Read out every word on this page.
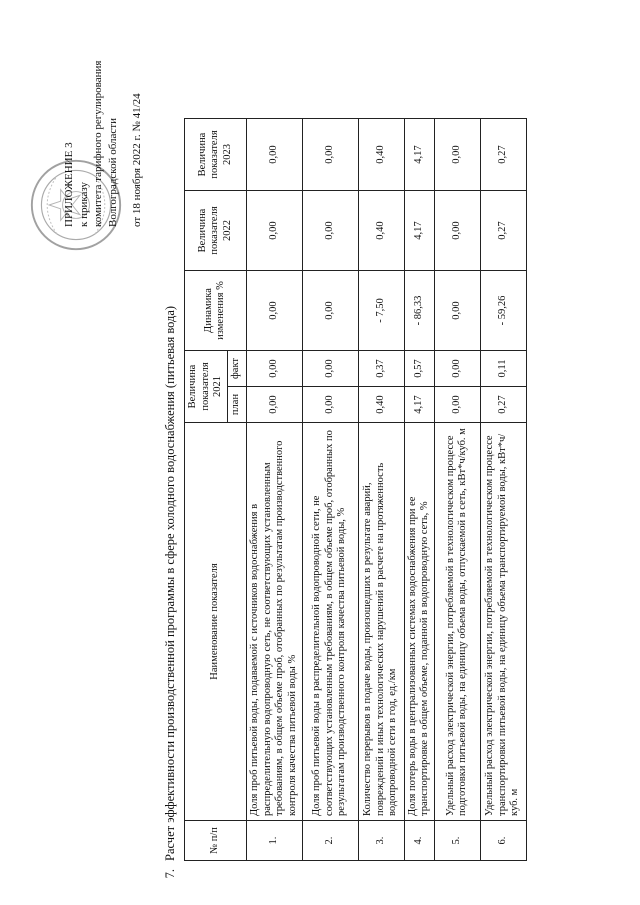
ПРИЛОЖЕНИЕ 3 к приказу комитета тарифного регулирования Волгоградской области от 18 ноября 2022 г. № 41/24
7.Расчет эффективности производственной программы в сфере холодного водоснабжения (питьевая вода)	№ п/п	Наименование показателя	Величина показателя 2021		Динамика изменения %	Величина показателя 2022	Величина показателя 2023
		план	факт			
1.	Доля проб питьевой воды, подаваемой с источников водоснабжения в распределительную водопроводную сеть, не соответствующих установленным требованиям, в общем объеме проб, отобранных по результатам производственного контроля качества питьевой воды %	0,00	0,00	0,00	0,00	0,00
2.	Доля проб питьевой воды в распределительной водопроводной сети, не соответствующих установленным требованиям, в общем объеме проб, отобранных по результатам производственного контроля качества питьевой воды, %	0,00	0,00	0,00	0,00	0,00
3.	Количество перерывов в подаче воды, произошедших в результате аварий, повреждений и иных технологических нарушений в расчете на протяженность водопроводной сети в год, ед./км	0,40	0,37	- 7,50	0,40	0,40
4.	Доля потерь воды в централизованных системах водоснабжения при ее транспортировке в общем объеме, поданной в водопроводную сеть, %	4,17	0,57	- 86,33	4,17	4,17
5.	Удельный расход электрической энергии, потребляемой в технологическом процессе подготовки питьевой воды, на единицу объема воды, отпускаемой в сеть, кВт*ч/куб. м	0,00	0,00	0,00	0,00	0,00
6.	Удельный расход электрической энергии, потребляемой в технологическом процессе транспортировки питьевой воды, на единицу объема транспортируемой воды, кВт*ч/куб. м	0,27	0,11	- 59,26	0,27	0,27
